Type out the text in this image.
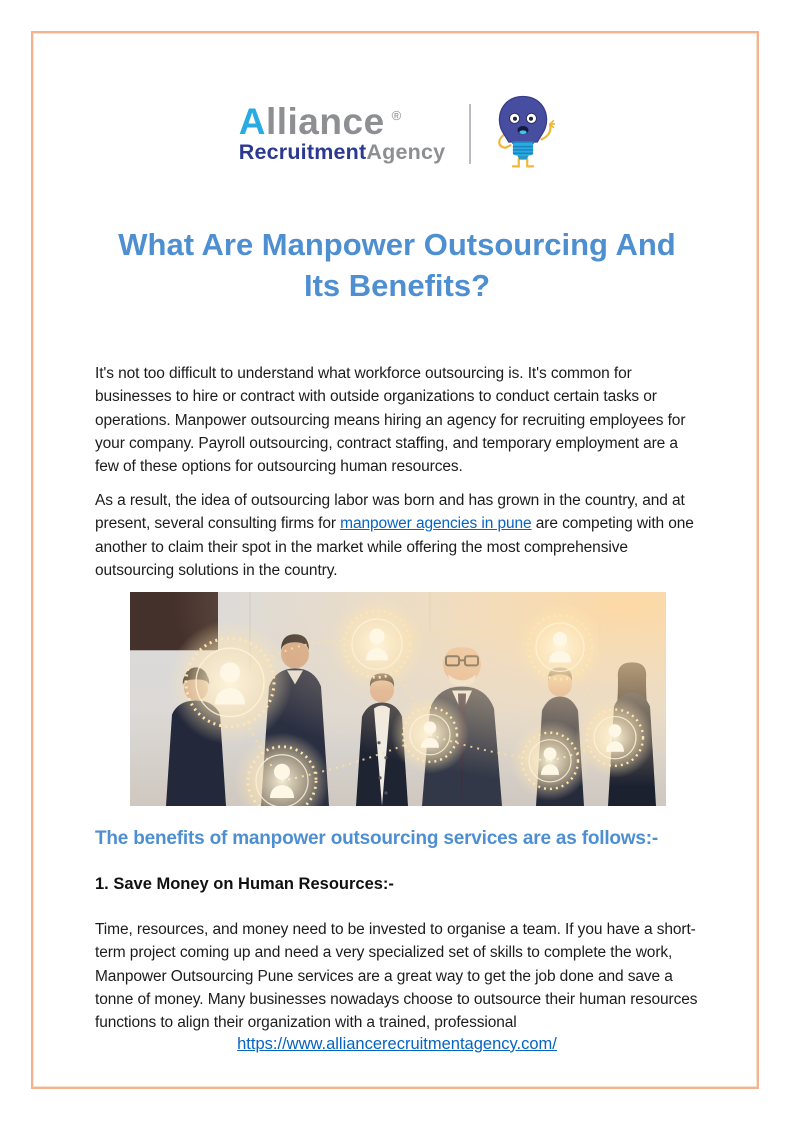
Alliance ®
RecruitmentAgency
What Are Manpower Outsourcing And
Its Benefits?

It's not too difficult to understand what workforce outsourcing is. It's common for businesses to hire or contract with outside organizations to conduct certain tasks or operations. Manpower outsourcing means hiring an agency for recruiting employees for your company. Payroll outsourcing, contract staffing, and temporary employment are a few of these options for outsourcing human resources.

As a result, the idea of outsourcing labor was born and has grown in the country, and at present, several consulting firms for manpower agencies in pune are competing with one another to claim their spot in the market while offering the most comprehensive outsourcing solutions in the country.

The benefits of manpower outsourcing services are as follows:-
1. Save Money on Human Resources:-

Time, resources, and money need to be invested to organise a team. If you have a short-term project coming up and need a very specialized set of skills to complete the work, Manpower Outsourcing Pune services are a great way to get the job done and save a tonne of money. Many businesses nowadays choose to outsource their human resources functions to align their organization with a trained, professional

https://www.alliancerecruitmentagency.com/
